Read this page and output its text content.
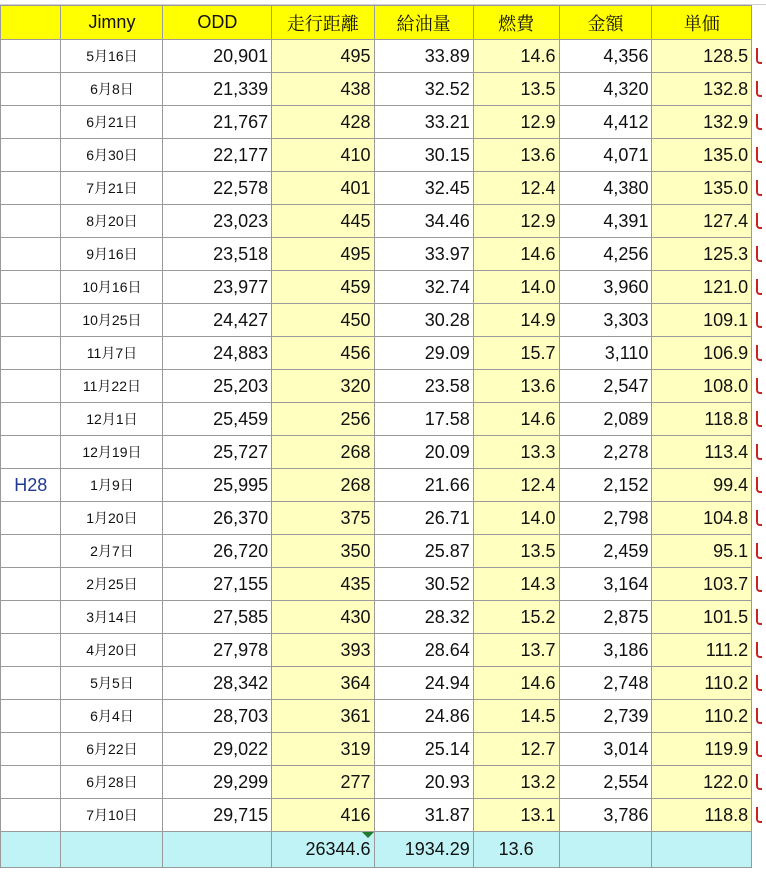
	Jimny	ODD	走行距離	給油量	燃費	金額	単価	
	5月16日	20,901	495	33.89	14.6	4,356	128.5	

	6月8日	21,339	438	32.52	13.5	4,320	132.8	

	6月21日	21,767	428	33.21	12.9	4,412	132.9	

	6月30日	22,177	410	30.15	13.6	4,071	135.0	

	7月21日	22,578	401	32.45	12.4	4,380	135.0	

	8月20日	23,023	445	34.46	12.9	4,391	127.4	

	9月16日	23,518	495	33.97	14.6	4,256	125.3	

	10月16日	23,977	459	32.74	14.0	3,960	121.0	

	10月25日	24,427	450	30.28	14.9	3,303	109.1	

	11月7日	24,883	456	29.09	15.7	3,110	106.9	

	11月22日	25,203	320	23.58	13.6	2,547	108.0	

	12月1日	25,459	256	17.58	14.6	2,089	118.8	

	12月19日	25,727	268	20.09	13.3	2,278	113.4	

H28	1月9日	25,995	268	21.66	12.4	2,152	99.4	

	1月20日	26,370	375	26.71	14.0	2,798	104.8	

	2月7日	26,720	350	25.87	13.5	2,459	95.1	

	2月25日	27,155	435	30.52	14.3	3,164	103.7	

	3月14日	27,585	430	28.32	15.2	2,875	101.5	

	4月20日	27,978	393	28.64	13.7	3,186	111.2	

	5月5日	28,342	364	24.94	14.6	2,748	110.2	

	6月4日	28,703	361	24.86	14.5	2,739	110.2	

	6月22日	29,022	319	25.14	12.7	3,014	119.9	

	6月28日	29,299	277	20.93	13.2	2,554	122.0	

	7月10日	29,715	416	31.87	13.1	3,786	118.8	

			26344.6	1934.29	13.6			
